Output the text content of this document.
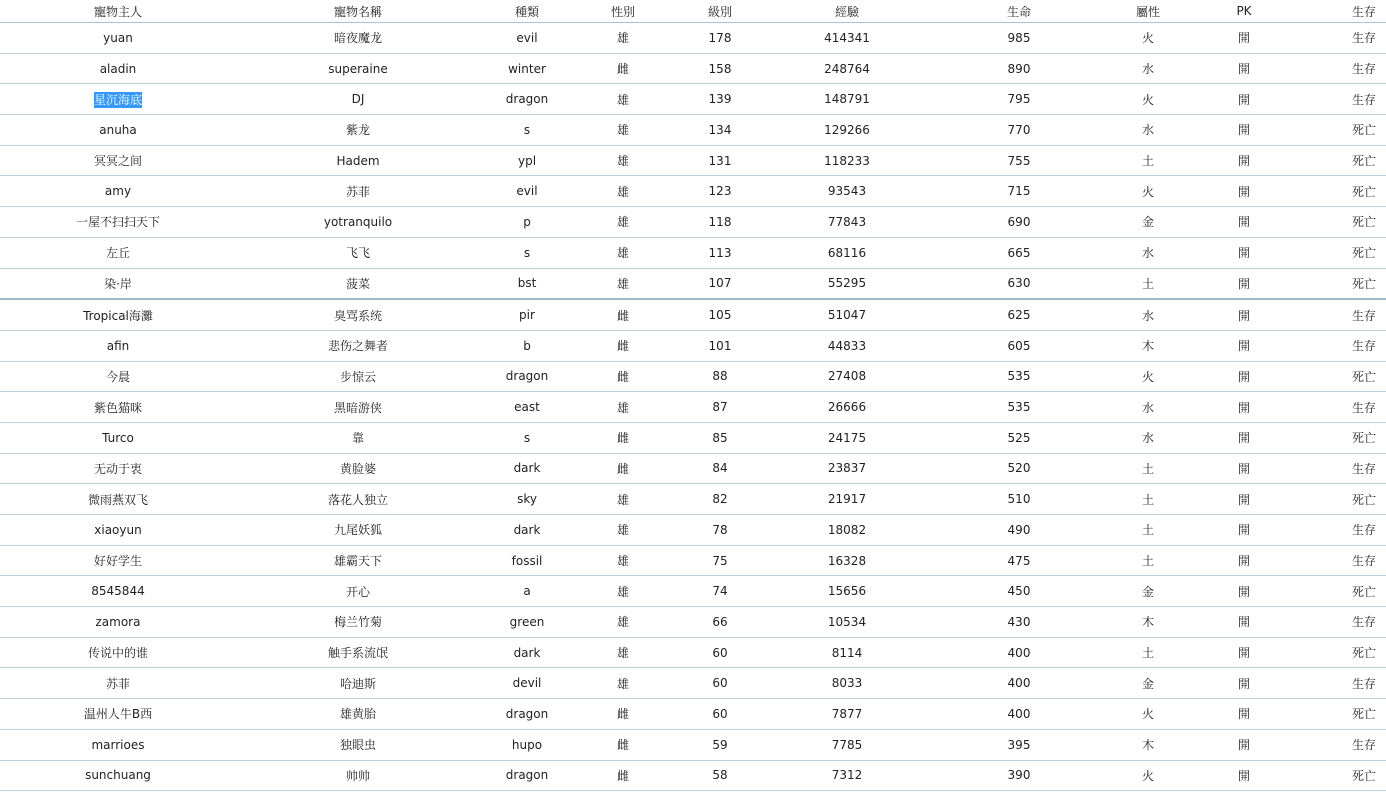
寵物主人	寵物名稱	種類	性別	級別	經驗	生命	屬性	PK	生存
yuan	暗夜魔龙	evil	雄	178	414341	985	火	開	生存
aladin	superaine	winter	雌	158	248764	890	水	開	生存
星沉海底	DJ	dragon	雄	139	148791	795	火	開	生存
anuha	紫龙	s	雄	134	129266	770	水	開	死亡
冥冥之间	Hadem	ypl	雄	131	118233	755	土	開	死亡
amy	苏菲	evil	雄	123	93543	715	火	開	死亡
一屋不扫扫天下	yotranquilo	p	雄	118	77843	690	金	開	死亡
左丘	飞飞	s	雄	113	68116	665	水	開	死亡
染·岸	菠菜	bst	雄	107	55295	630	土	開	死亡
Tropical海灘	臭骂系统	pir	雌	105	51047	625	水	開	生存
afin	悲伤之舞者	b	雌	101	44833	605	木	開	生存
今晨	步惊云	dragon	雌	88	27408	535	火	開	死亡
紫色猫咪	黑暗游侠	east	雄	87	26666	535	水	開	生存
Turco	靠	s	雌	85	24175	525	水	開	死亡
无动于衷	黄脸婆	dark	雌	84	23837	520	土	開	生存
微雨燕双飞	落花人独立	sky	雄	82	21917	510	土	開	死亡
xiaoyun	九尾妖狐	dark	雄	78	18082	490	土	開	生存
好好学生	雄霸天下	fossil	雄	75	16328	475	土	開	生存
8545844	开心	a	雄	74	15656	450	金	開	死亡
zamora	梅兰竹菊	green	雄	66	10534	430	木	開	生存
传说中的谁	触手系流氓	dark	雄	60	8114	400	土	開	死亡
苏菲	哈迪斯	devil	雄	60	8033	400	金	開	生存
温州人牛B西	雄黄胎	dragon	雌	60	7877	400	火	開	死亡
marrioes	独眼虫	hupo	雌	59	7785	395	木	開	生存
sunchuang	帅帅	dragon	雌	58	7312	390	火	開	死亡
